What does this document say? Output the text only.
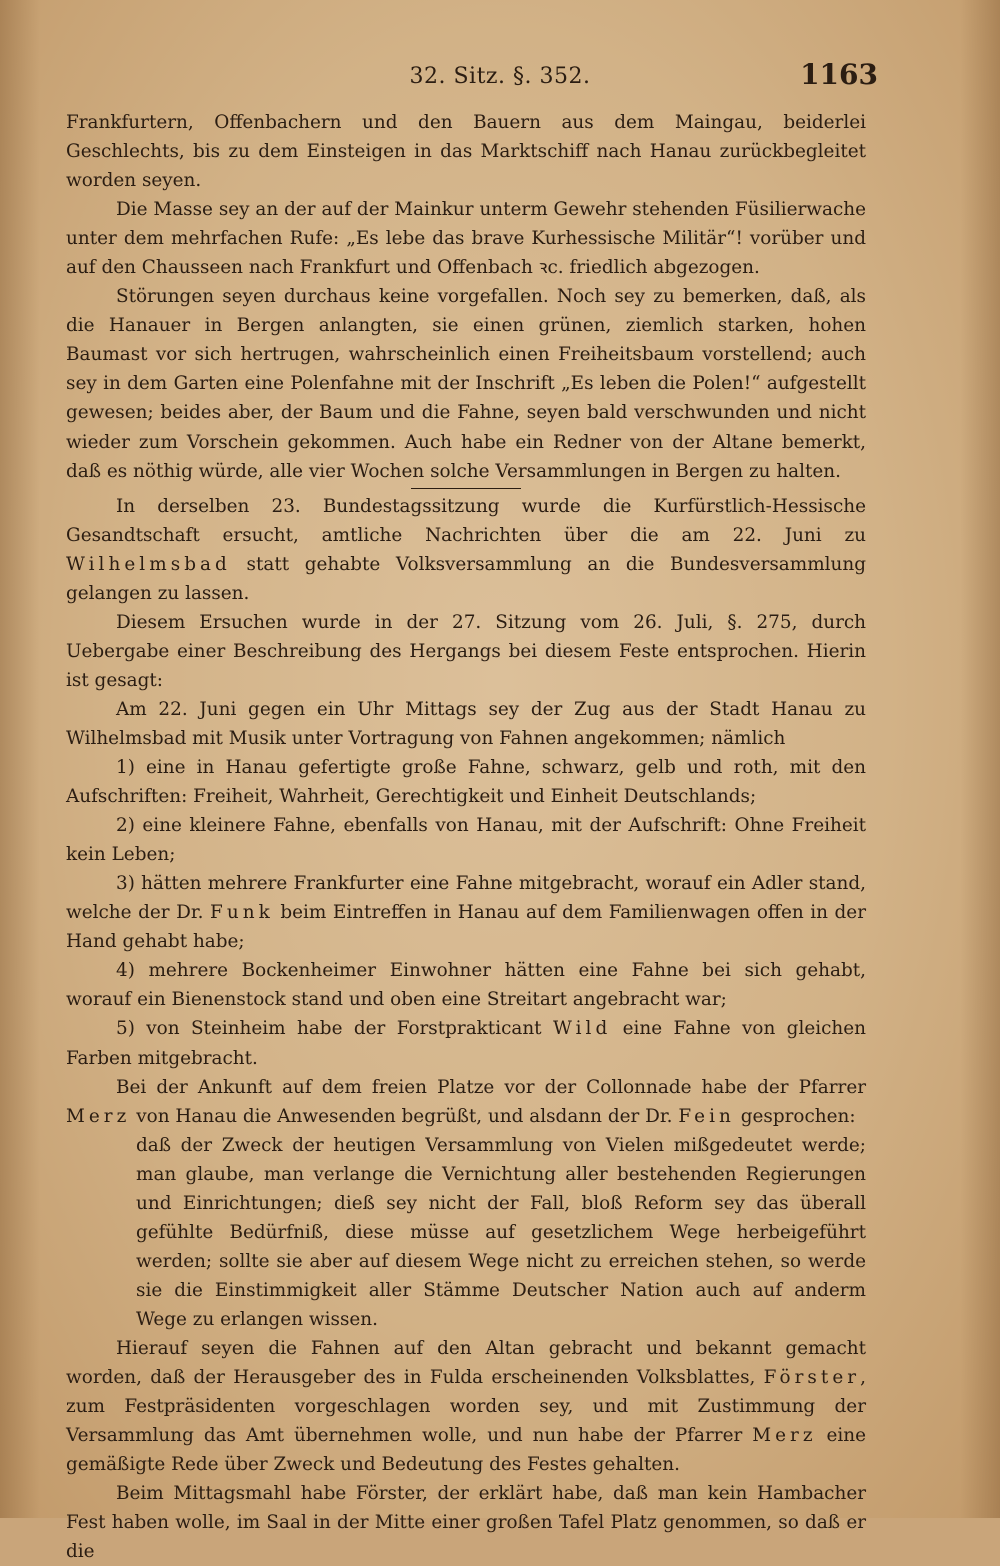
32. Sitz. §. 352.	1163

Frankfurtern, Offenbachern und den Bauern aus dem Maingau, beiderlei Geschlechts, bis zu dem Einsteigen in das Marktschiff nach Hanau zurückbegleitet worden seyen.

Die Masse sey an der auf der Mainkur unterm Gewehr stehenden Füsilierwache unter dem mehrfachen Rufe: „Es lebe das brave Kurhessische Militär“! vorüber und auf den Chausseen nach Frankfurt und Offenbach ꝛc. friedlich abgezogen.

Störungen seyen durchaus keine vorgefallen. Noch sey zu bemerken, daß, als die Hanauer in Bergen anlangten, sie einen grünen, ziemlich starken, hohen Baumast vor sich hertrugen, wahrscheinlich einen Freiheitsbaum vorstellend; auch sey in dem Garten eine Polenfahne mit der Inschrift „Es leben die Polen!“ aufgestellt gewesen; beides aber, der Baum und die Fahne, seyen bald verschwunden und nicht wieder zum Vorschein gekommen. Auch habe ein Redner von der Altane bemerkt, daß es nöthig würde, alle vier Wochen solche Versammlungen in Bergen zu halten.

In derselben 23. Bundestagssitzung wurde die Kurfürstlich-Hessische Gesandtschaft ersucht, amtliche Nachrichten über die am 22. Juni zu Wilhelmsbad statt gehabte Volksversammlung an die Bundesversammlung gelangen zu lassen.

Diesem Ersuchen wurde in der 27. Sitzung vom 26. Juli, §. 275, durch Uebergabe einer Beschreibung des Hergangs bei diesem Feste entsprochen. Hierin ist gesagt:

Am 22. Juni gegen ein Uhr Mittags sey der Zug aus der Stadt Hanau zu Wilhelmsbad mit Musik unter Vortragung von Fahnen angekommen; nämlich

1) eine in Hanau gefertigte große Fahne, schwarz, gelb und roth, mit den Aufschriften: Freiheit, Wahrheit, Gerechtigkeit und Einheit Deutschlands;

2) eine kleinere Fahne, ebenfalls von Hanau, mit der Aufschrift: Ohne Freiheit kein Leben;

3) hätten mehrere Frankfurter eine Fahne mitgebracht, worauf ein Adler stand, welche der Dr. Funk beim Eintreffen in Hanau auf dem Familienwagen offen in der Hand gehabt habe;

4) mehrere Bockenheimer Einwohner hätten eine Fahne bei sich gehabt, worauf ein Bienenstock stand und oben eine Streitart angebracht war;

5) von Steinheim habe der Forstprakticant Wild eine Fahne von gleichen Farben mitgebracht.

Bei der Ankunft auf dem freien Platze vor der Collonnade habe der Pfarrer Merz von Hanau die Anwesenden begrüßt, und alsdann der Dr. Fein gesprochen:

daß der Zweck der heutigen Versammlung von Vielen mißgedeutet werde; man glaube, man verlange die Vernichtung aller bestehenden Regierungen und Einrichtungen; dieß sey nicht der Fall, bloß Reform sey das überall gefühlte Bedürfniß, diese müsse auf gesetzlichem Wege herbeigeführt werden; sollte sie aber auf diesem Wege nicht zu erreichen stehen, so werde sie die Einstimmigkeit aller Stämme Deutscher Nation auch auf anderm Wege zu erlangen wissen.

Hierauf seyen die Fahnen auf den Altan gebracht und bekannt gemacht worden, daß der Herausgeber des in Fulda erscheinenden Volksblattes, Förster, zum Festpräsidenten vorgeschlagen worden sey, und mit Zustimmung der Versammlung das Amt übernehmen wolle, und nun habe der Pfarrer Merz eine gemäßigte Rede über Zweck und Bedeutung des Festes gehalten.

Beim Mittagsmahl habe Förster, der erklärt habe, daß man kein Hambacher Fest haben wolle, im Saal in der Mitte einer großen Tafel Platz genommen, so daß er die
